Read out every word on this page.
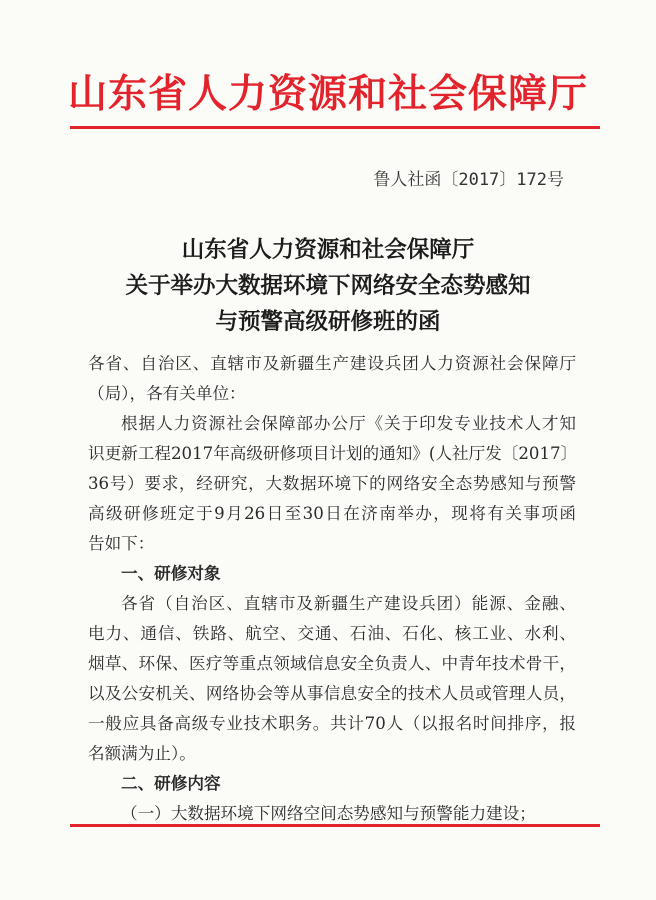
山东省人力资源和社会保障厅
鲁人社函〔2017〕172号
山东省人力资源和社会保障厅
关于举办大数据环境下网络安全态势感知
与预警高级研修班的函
各省、自治区、直辖市及新疆生产建设兵团人力资源社会保障厅
（局），各有关单位：
根据人力资源社会保障部办公厅《关于印发专业技术人才知
识更新工程2017年高级研修项目计划的通知》(人社厅发〔2017〕
36号）要求，经研究，大数据环境下的网络安全态势感知与预警
高级研修班定于9月26日至30日在济南举办，现将有关事项函
告如下：
一、研修对象
各省（自治区、直辖市及新疆生产建设兵团）能源、金融、
电力、通信、铁路、航空、交通、石油、石化、核工业、水利、
烟草、环保、医疗等重点领域信息安全负责人、中青年技术骨干，
以及公安机关、网络协会等从事信息安全的技术人员或管理人员，
一般应具备高级专业技术职务。共计70人（以报名时间排序，报
名额满为止）。
二、研修内容
（一）大数据环境下网络空间态势感知与预警能力建设；
